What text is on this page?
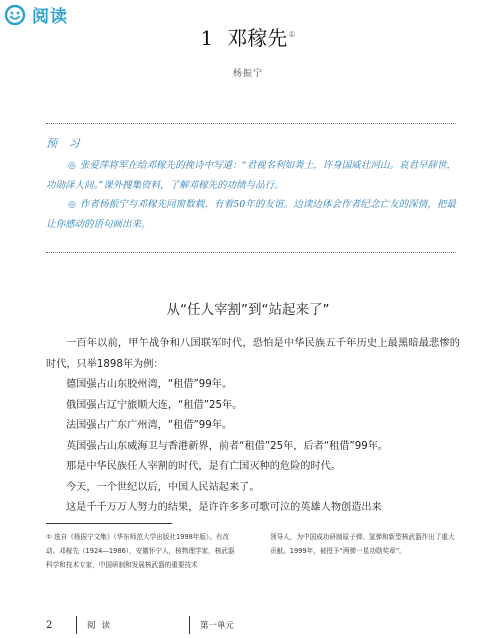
阅读
1 邓稼先①
杨振宁
预 习

◎ 张爱萍将军在给邓稼先的挽诗中写道：“君视名利如粪土，许身国威壮河山。哀君早辞世，功勋泽人间。”课外搜集资料，了解邓稼先的功绩与品行。

◎ 作者杨振宁与邓稼先同窗数载，有着50年的友谊。边读边体会作者纪念亡友的深情，把最让你感动的语句画出来。

从“任人宰割”到“站起来了”

一百年以前，甲午战争和八国联军时代，恐怕是中华民族五千年历史上最黑暗最悲惨的时代，只举1898年为例：

德国强占山东胶州湾，“租借”99年。

俄国强占辽宁旅顺大连，“租借”25年。

法国强占广东广州湾，“租借”99年。

英国强占山东威海卫与香港新界，前者“租借”25年，后者“租借”99年。

那是中华民族任人宰割的时代，是有亡国灭种的危险的时代。

今天，一个世纪以后，中国人民站起来了。

这是千千万万人努力的结果，是许许多多可歌可泣的英雄人物创造出来

① 选自《杨振宁文集》（华东师范大学出版社1998年版）。有改动。邓稼先（1924—1986），安徽怀宁人，核物理学家，核武器科学和技术专家，中国研制和发展核武器的重要技术
领导人，为中国成功研制原子弹、氢弹和新型核武器作出了重大贡献。1999年，被授予“两弹一星功勋奖章”。
2	阅读	第一单元
